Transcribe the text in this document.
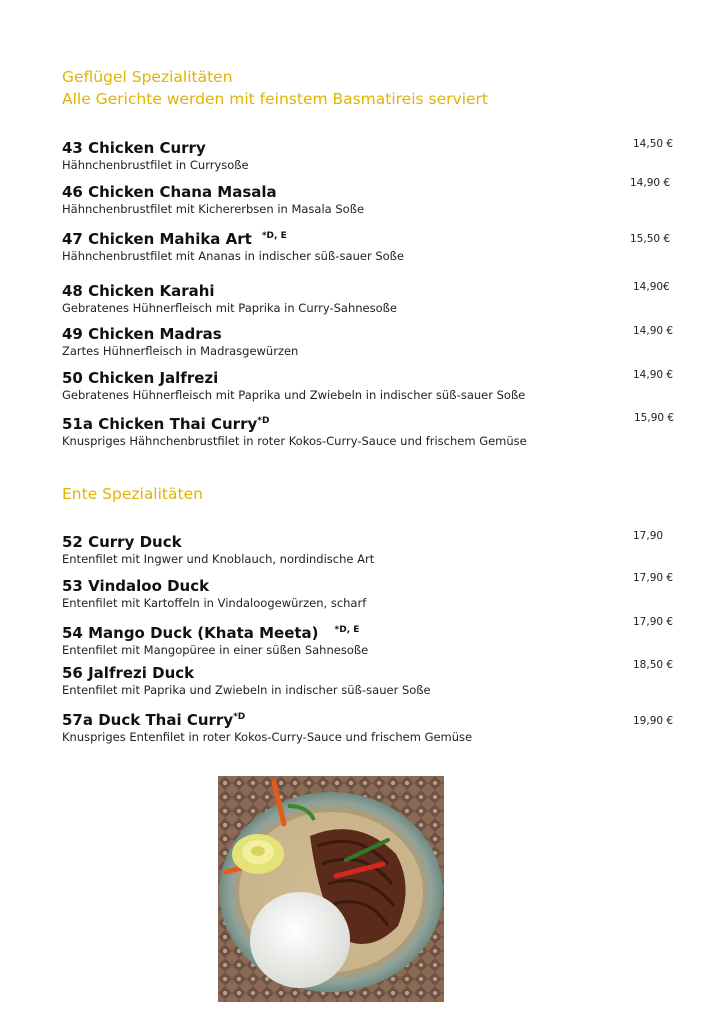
Geflügel Spezialitäten
Alle Gerichte werden mit feinstem Basmatireis serviert
43 Chicken Curry
Hähnchenbrustfilet in Currysoße
14,50 €
46 Chicken Chana Masala
Hähnchenbrustfilet mit Kichererbsen in Masala Soße
14,90 €
47 Chicken Mahika Art $^{*D, E}$
Hähnchenbrustfilet mit Ananas in indischer süß-sauer Soße
15,50 €
48 Chicken Karahi
Gebratenes Hühnerfleisch mit Paprika in Curry-Sahnesoße
14,90€
49 Chicken Madras
Zartes Hühnerfleisch in Madrasgewürzen
14,90 €
50 Chicken Jalfrezi
Gebratenes Hühnerfleisch mit Paprika und Zwiebeln in indischer süß-sauer Soße
14,90 €
51a Chicken Thai Curry$^{*D}$
Knuspriges Hähnchenbrustfilet in roter Kokos-Curry-Sauce und frischem Gemüse
15,90 €
Ente Spezialitäten
52 Curry Duck
Entenfilet mit Ingwer und Knoblauch, nordindische Art
17,90
53 Vindaloo Duck
Entenfilet mit Kartoffeln in Vindaloogewürzen, scharf
17,90 €
54 Mango Duck (Khata Meeta) $^{*D, E}$
Entenfilet mit Mangopüree in einer süßen Sahnesoße
17,90 €
56 Jalfrezi Duck
Entenfilet mit Paprika und Zwiebeln in indischer süß-sauer Soße
18,50 €
57a Duck Thai Curry$^{*D}$
Knuspriges Entenfilet in roter Kokos-Curry-Sauce und frischem Gemüse
19,90 €
